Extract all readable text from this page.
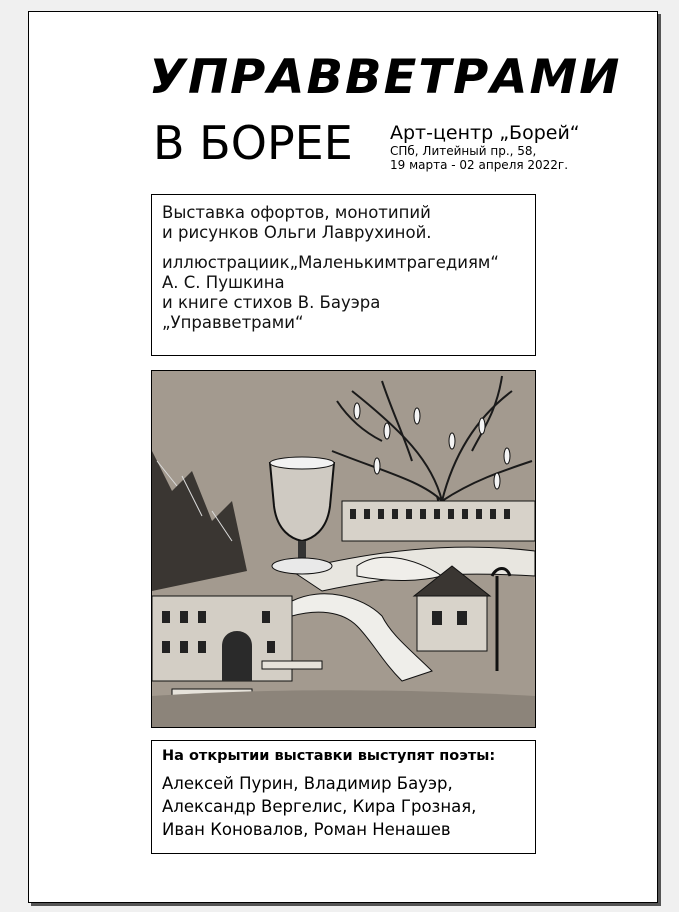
УПРАВВЕТРАМИ
В БОРЕЕ Арт-центр „Борей“
СПб, Литейный пр., 58,
19 марта - 02 апреля 2022г.

Выставка офортов, монотипий
и рисунков Ольги Лаврухиной.

иллюстрациик„Маленькимтрагедиям“
А. С. Пушкина
и книге стихов В. Бауэра
„Управветрами“

На открытии выставки выступят поэты:

Алексей Пурин, Владимир Бауэр,

Александр Вергелис, Кира Грозная,

Иван Коновалов, Роман Ненашев
